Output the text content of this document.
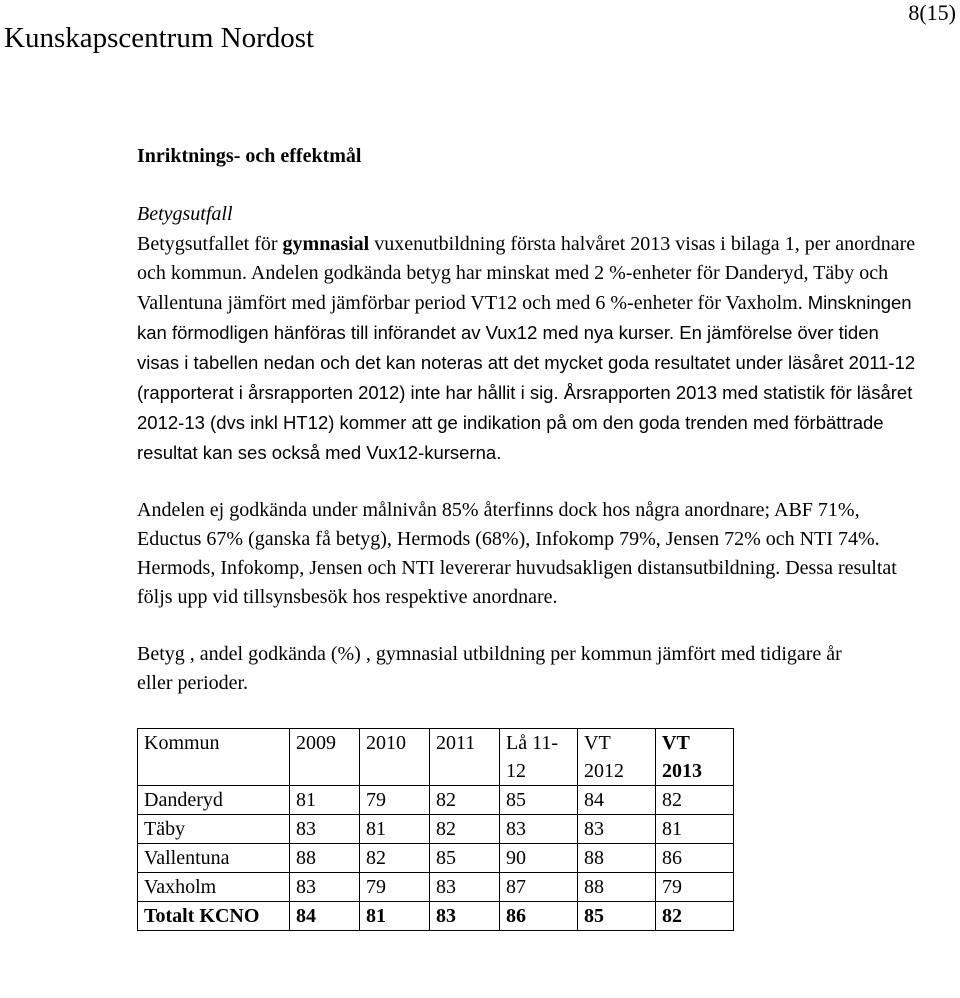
Kunskapscentrum Nordost
8(15)
Inriktnings- och effektmål
Betygsutfall
Betygsutfallet för gymnasial vuxenutbildning första halvåret 2013 visas i bilaga 1, per anordnare och kommun. Andelen godkända betyg har minskat med 2 %-enheter för Danderyd, Täby och Vallentuna jämfört med jämförbar period VT12 och med 6 %-enheter för Vaxholm. Minskningen kan förmodligen hänföras till införandet av Vux12 med nya kurser. En jämförelse över tiden visas i tabellen nedan och det kan noteras att det mycket goda resultatet under läsåret 2011-12 (rapporterat i årsrapporten 2012) inte har hållit i sig. Årsrapporten 2013 med statistik för läsåret 2012-13 (dvs inkl HT12) kommer att ge indikation på om den goda trenden med förbättrade resultat kan ses också med Vux12-kurserna.
Andelen ej godkända under målnivån 85% återfinns dock hos några anordnare; ABF 71%, Eductus 67% (ganska få betyg), Hermods (68%), Infokomp 79%, Jensen 72% och NTI 74%. Hermods, Infokomp, Jensen och NTI levererar huvudsakligen distansutbildning. Dessa resultat följs upp vid tillsynsbesök hos respektive anordnare.
Betyg , andel godkända (%) , gymnasial utbildning per kommun jämfört med tidigare år eller perioder.
Kommun	2009	2010	2011	Lå 11-12	VT 2012	VT 2013
Danderyd	81	79	82	85	84	82
Täby	83	81	82	83	83	81
Vallentuna	88	82	85	90	88	86
Vaxholm	83	79	83	87	88	79
Totalt KCNO	84	81	83	86	85	82
